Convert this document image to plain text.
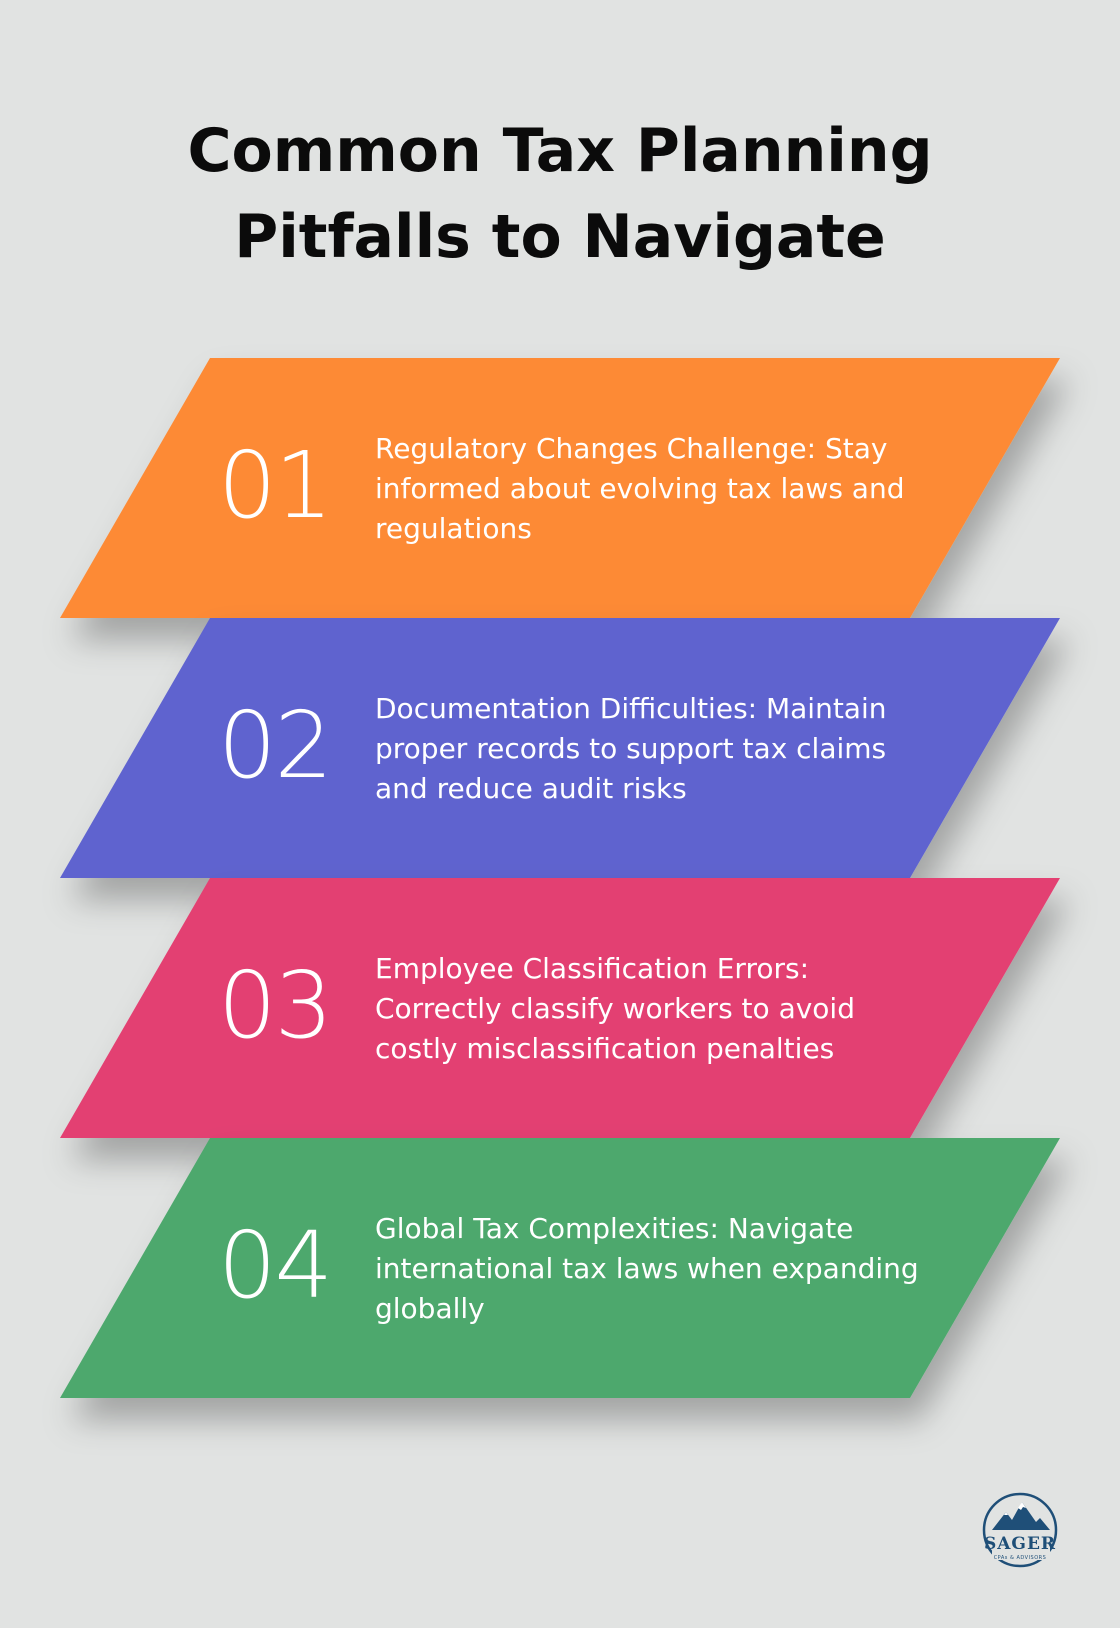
Common Tax Planning Pitfalls to Navigate
01	Regulatory Changes Challenge: Stay informed about evolving tax laws and regulations
02	Documentation Difficulties: Maintain proper records to support tax claims and reduce audit risks
03	Employee Classification Errors: Correctly classify workers to avoid costly misclassification penalties
04	Global Tax Complexities: Navigate international tax laws when expanding globally
SAGER
CPAs & ADVISORS
